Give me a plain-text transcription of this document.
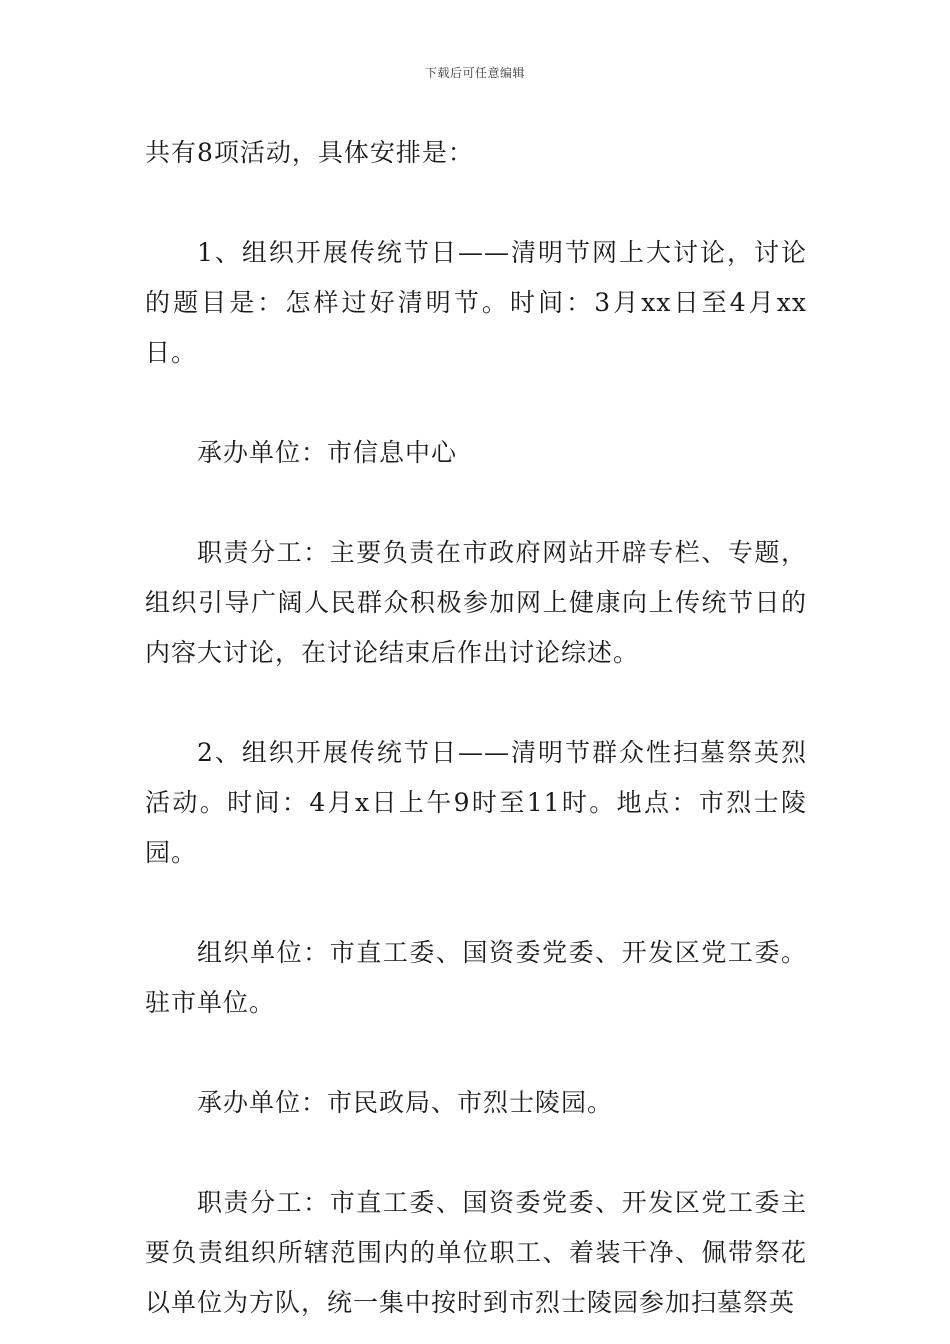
下载后可任意编辑

共有8项活动，具体安排是：

1、组织开展传统节日——清明节网上大讨论，讨论的题目是：怎样过好清明节。时间：3月xx日至4月xx日。

承办单位：市信息中心

职责分工：主要负责在市政府网站开辟专栏、专题，组织引导广阔人民群众积极参加网上健康向上传统节日的内容大讨论，在讨论结束后作出讨论综述。

2、组织开展传统节日——清明节群众性扫墓祭英烈活动。时间：4月x日上午9时至11时。地点：市烈士陵园。

组织单位：市直工委、国资委党委、开发区党工委。驻市单位。

承办单位：市民政局、市烈士陵园。

职责分工：市直工委、国资委党委、开发区党工委主要负责组织所辖范围内的单位职工、着装干净、佩带祭花以单位为方队，统一集中按时到市烈士陵园参加扫墓祭英
